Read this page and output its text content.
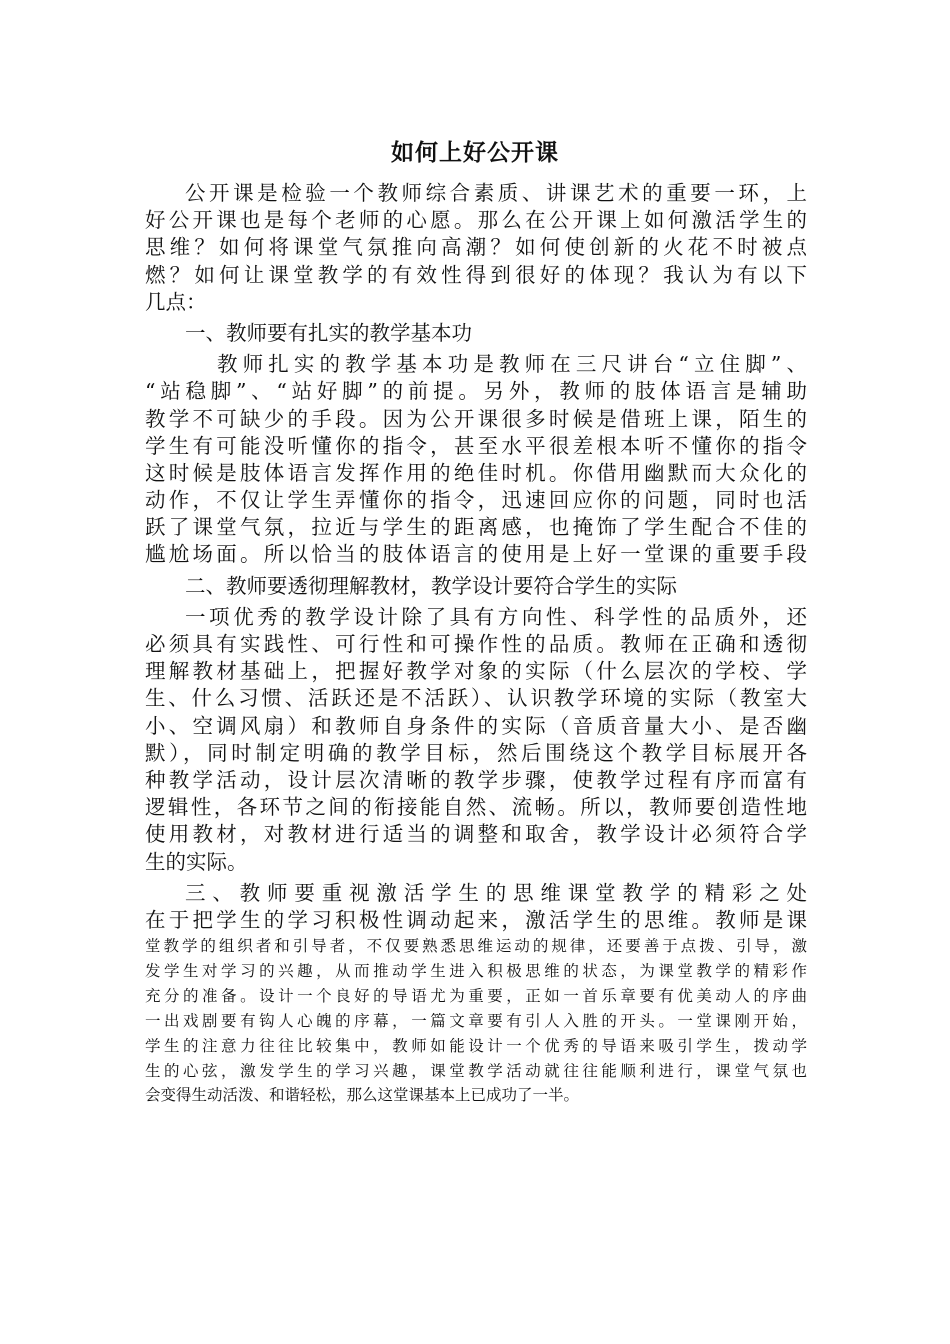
如何上好公开课
公开课是检验一个教师综合素质、讲课艺术的重要一环，上
好公开课也是每个老师的心愿。那么在公开课上如何激活学生的
思维？如何将课堂气氛推向高潮？如何使创新的火花不时被点
燃？如何让课堂教学的有效性得到很好的体现？我认为有以下
几点：
一、教师要有扎实的教学基本功
教师扎实的教学基本功是教师在三尺讲台“立住脚”、
“站稳脚”、“站好脚”的前提。另外，教师的肢体语言是辅助
教学不可缺少的手段。因为公开课很多时候是借班上课，陌生的
学生有可能没听懂你的指令，甚至水平很差根本听不懂你的指令
这时候是肢体语言发挥作用的绝佳时机。你借用幽默而大众化的
动作，不仅让学生弄懂你的指令，迅速回应你的问题，同时也活
跃了课堂气氛，拉近与学生的距离感，也掩饰了学生配合不佳的
尴尬场面。所以恰当的肢体语言的使用是上好一堂课的重要手段
二、教师要透彻理解教材，教学设计要符合学生的实际
一项优秀的教学设计除了具有方向性、科学性的品质外，还
必须具有实践性、可行性和可操作性的品质。教师在正确和透彻
理解教材基础上，把握好教学对象的实际（什么层次的学校、学
生、什么习惯、活跃还是不活跃）、认识教学环境的实际（教室大
小、空调风扇）和教师自身条件的实际（音质音量大小、是否幽
默），同时制定明确的教学目标，然后围绕这个教学目标展开各
种教学活动，设计层次清晰的教学步骤，使教学过程有序而富有
逻辑性，各环节之间的衔接能自然、流畅。所以，教师要创造性地
使用教材，对教材进行适当的调整和取舍，教学设计必须符合学
生的实际。
三、教师要重视激活学生的思维课堂教学的精彩之处
在于把学生的学习积极性调动起来，激活学生的思维。教师是课
堂教学的组织者和引导者，不仅要熟悉思维运动的规律，还要善于点拨、引导，激
发学生对学习的兴趣，从而推动学生进入积极思维的状态，为课堂教学的精彩作
充分的准备。设计一个良好的导语尤为重要，正如一首乐章要有优美动人的序曲
一出戏剧要有钩人心魄的序幕，一篇文章要有引人入胜的开头。一堂课刚开始，
学生的注意力往往比较集中，教师如能设计一个优秀的导语来吸引学生，拨动学
生的心弦，激发学生的学习兴趣，课堂教学活动就往往能顺利进行，课堂气氛也
会变得生动活泼、和谐轻松，那么这堂课基本上已成功了一半。
